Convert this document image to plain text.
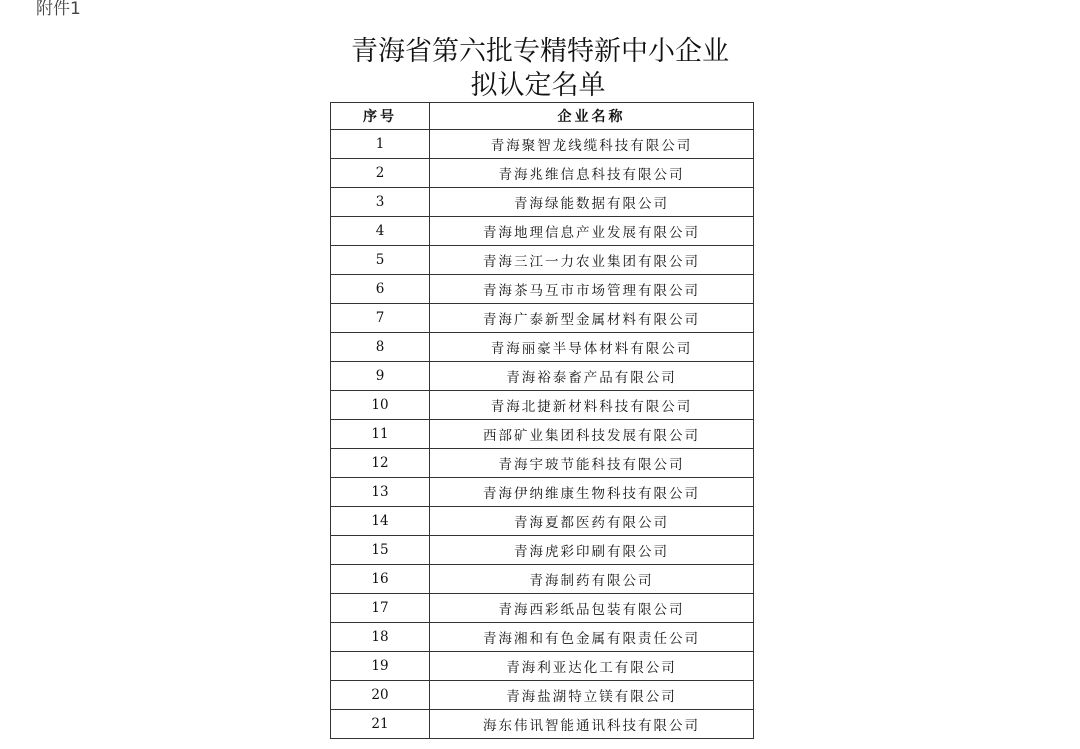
附件1
青海省第六批专精特新中小企业
拟认定名单
序号	企业名称
1	青海聚智龙线缆科技有限公司
2	青海兆维信息科技有限公司
3	青海绿能数据有限公司
4	青海地理信息产业发展有限公司
5	青海三江一力农业集团有限公司
6	青海茶马互市市场管理有限公司
7	青海广泰新型金属材料有限公司
8	青海丽豪半导体材料有限公司
9	青海裕泰畜产品有限公司
10	青海北捷新材料科技有限公司
11	西部矿业集团科技发展有限公司
12	青海宇玻节能科技有限公司
13	青海伊纳维康生物科技有限公司
14	青海夏都医药有限公司
15	青海虎彩印刷有限公司
16	青海制药有限公司
17	青海西彩纸品包装有限公司
18	青海湘和有色金属有限责任公司
19	青海利亚达化工有限公司
20	青海盐湖特立镁有限公司
21	海东伟讯智能通讯科技有限公司
